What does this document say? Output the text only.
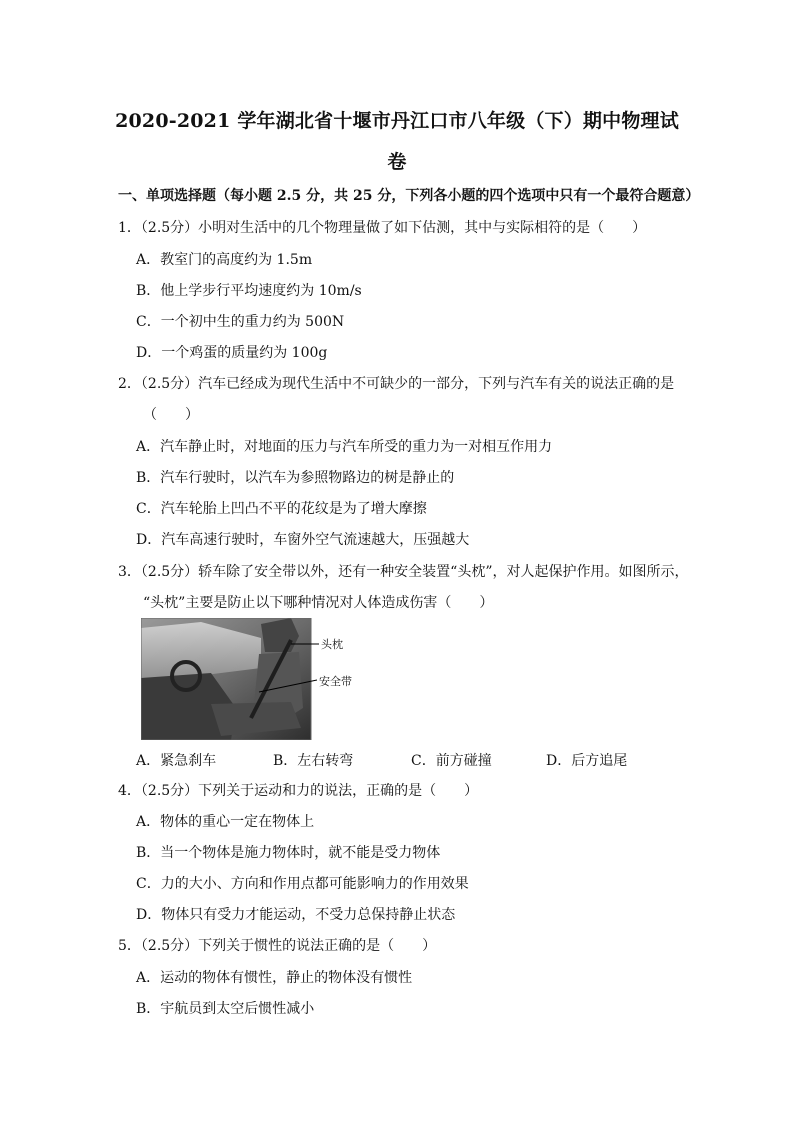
2020-2021 学年湖北省十堰市丹江口市八年级（下）期中物理试
卷
一、单项选择题（每小题 2.5 分，共 25 分，下列各小题的四个选项中只有一个最符合题意）
1．（2.5分）小明对生活中的几个物理量做了如下估测，其中与实际相符的是（　　）
A．教室门的高度约为 1.5m
B．他上学步行平均速度约为 10m/s
C．一个初中生的重力约为 500N
D．一个鸡蛋的质量约为 100g
2．（2.5分）汽车已经成为现代生活中不可缺少的一部分，下列与汽车有关的说法正确的是
（　　）
A．汽车静止时，对地面的压力与汽车所受的重力为一对相互作用力
B．汽车行驶时，以汽车为参照物路边的树是静止的
C．汽车轮胎上凹凸不平的花纹是为了增大摩擦
D．汽车高速行驶时，车窗外空气流速越大，压强越大
3．（2.5分）轿车除了安全带以外，还有一种安全装置“头枕”，对人起保护作用。如图所示，
“头枕”主要是防止以下哪种情况对人体造成伤害（　　）
头枕
安全带
A．紧急刹车	B．左右转弯	C．前方碰撞	D．后方追尾
4．（2.5分）下列关于运动和力的说法，正确的是（　　）
A．物体的重心一定在物体上
B．当一个物体是施力物体时，就不能是受力物体
C．力的大小、方向和作用点都可能影响力的作用效果
D．物体只有受力才能运动，不受力总保持静止状态
5．（2.5分）下列关于惯性的说法正确的是（　　）
A．运动的物体有惯性，静止的物体没有惯性
B．宇航员到太空后惯性减小
